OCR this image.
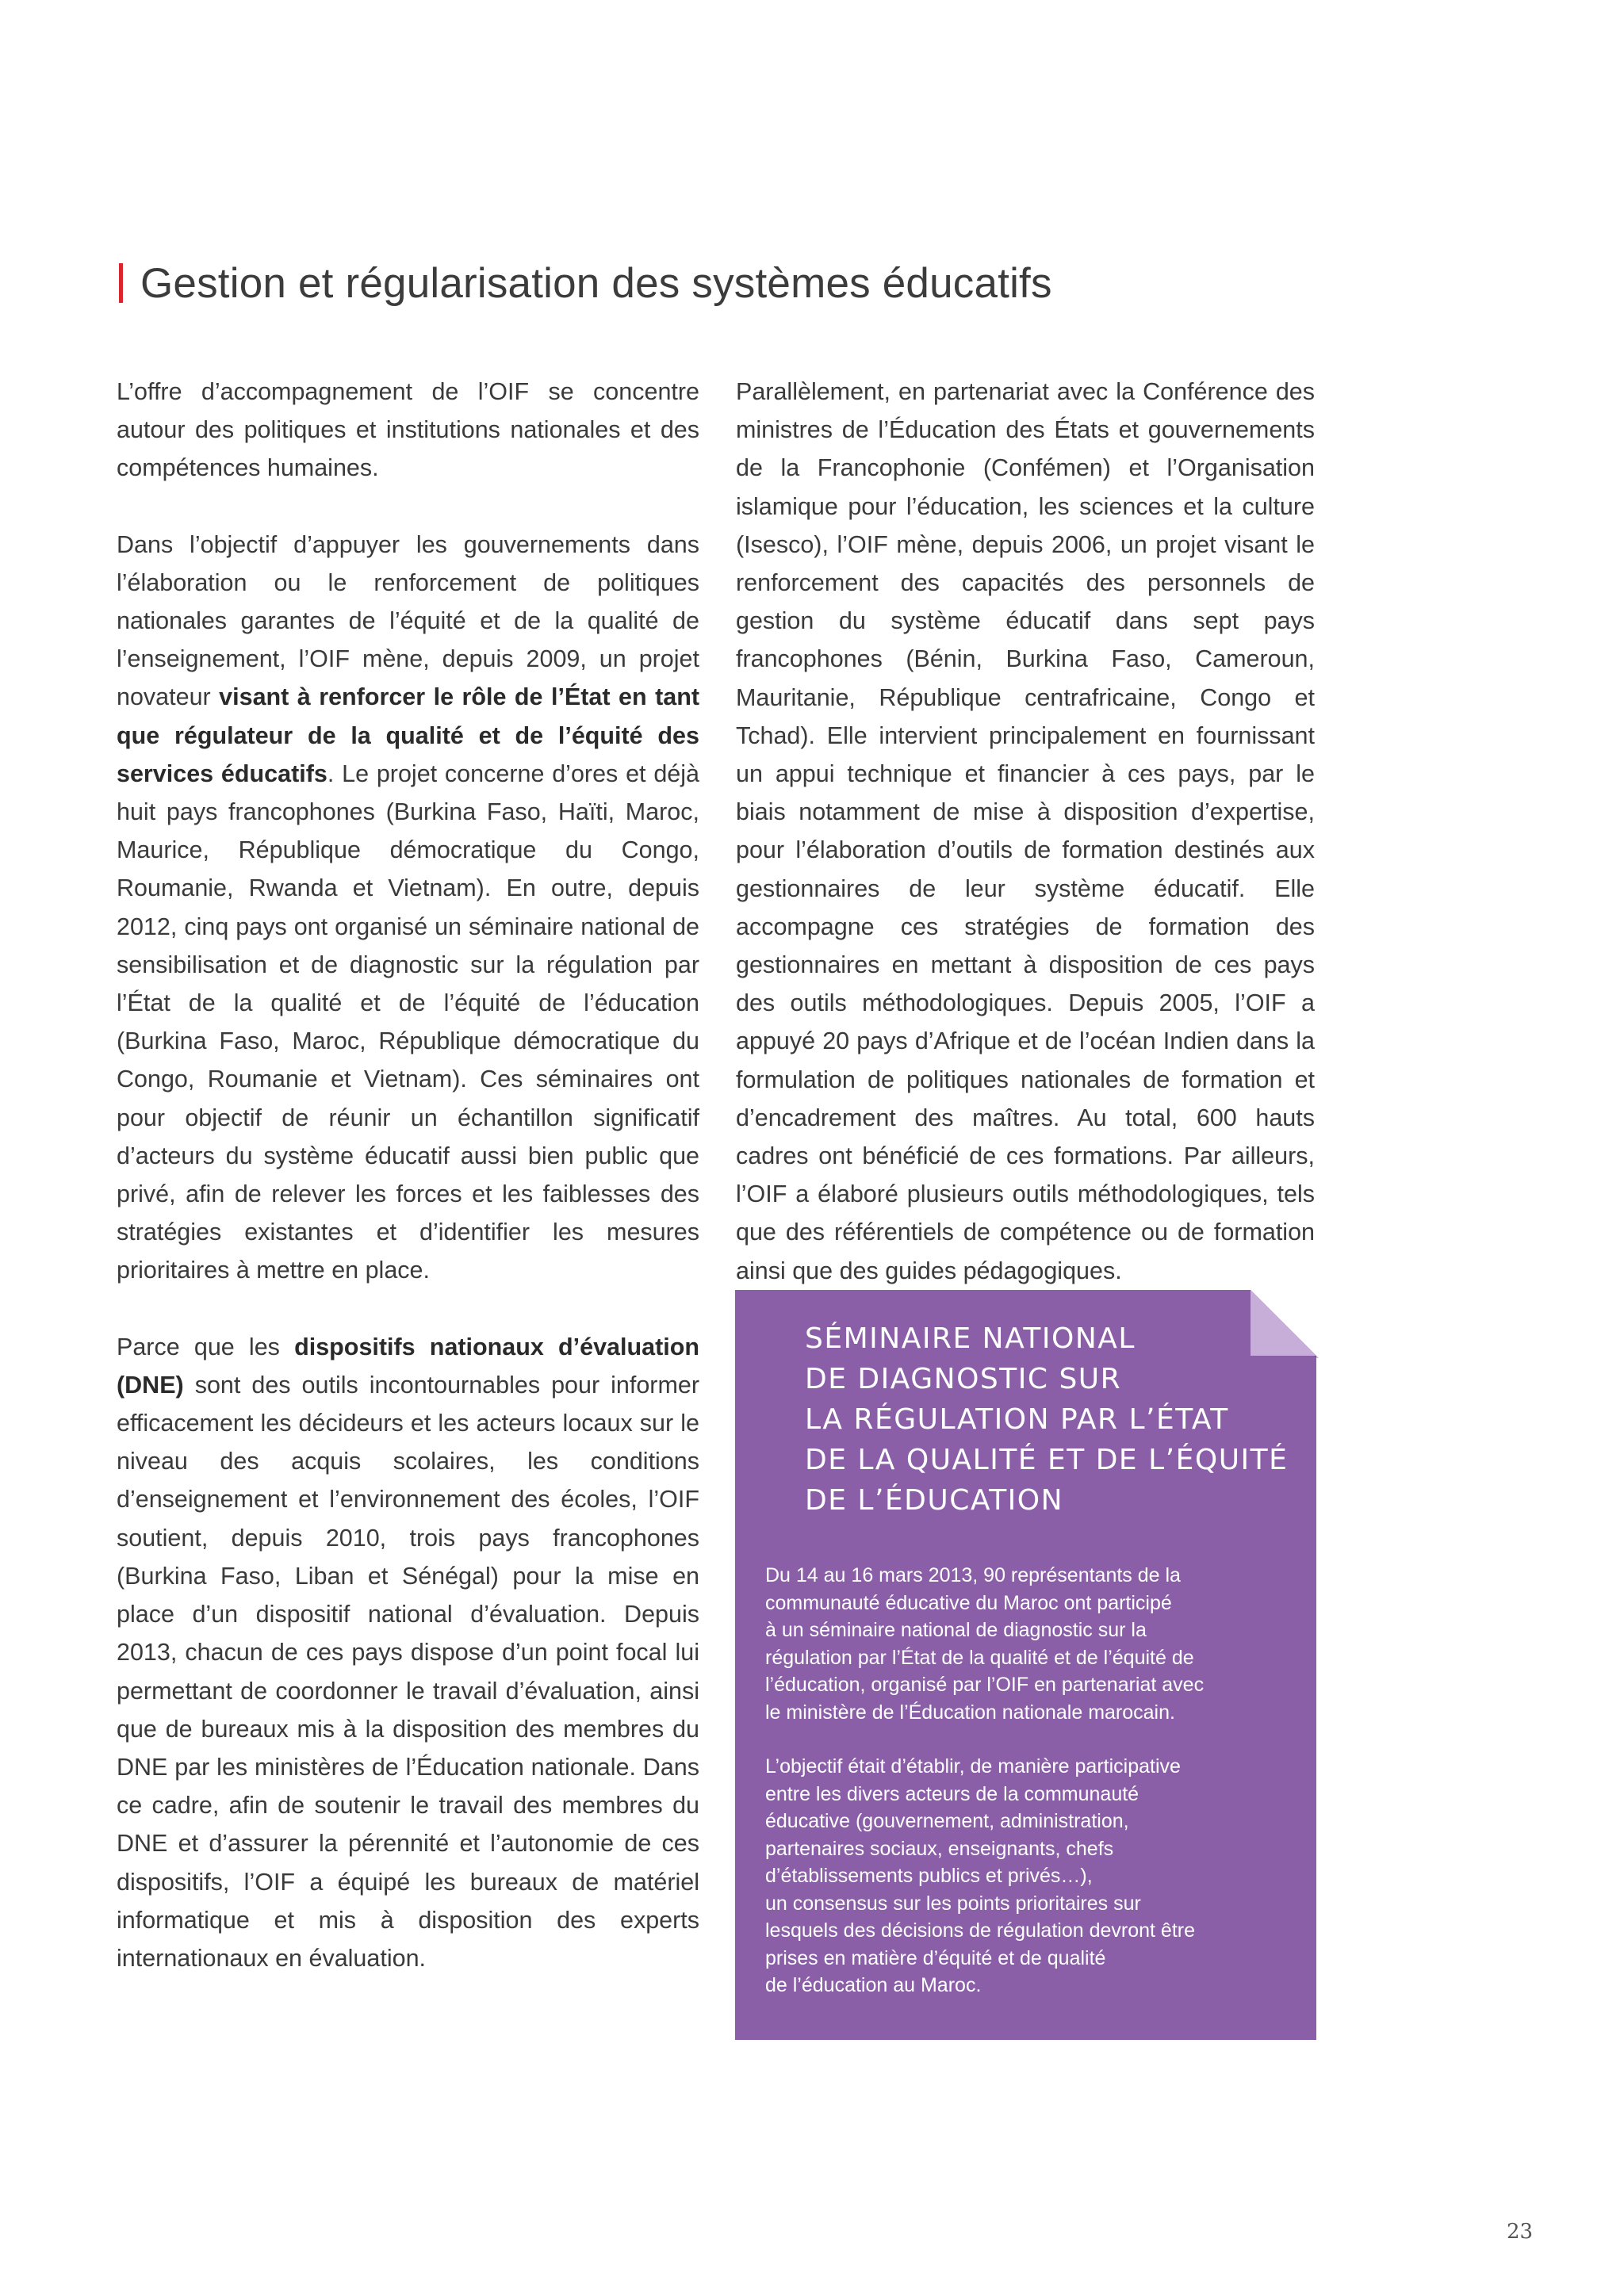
Gestion et régularisation des systèmes éducatifs

L’offre d’accompagnement de l’OIF se concentre autour des politiques et institutions nationales et des compétences humaines.

Dans l’objectif d’appuyer les gouvernements dans l’élaboration ou le renforcement de politiques nationales garantes de l’équité et de la qualité de l’enseignement, l’OIF mène, depuis 2009, un projet novateur visant à renforcer le rôle de l’État en tant que régulateur de la qualité et de l’équité des services éducatifs. Le projet concerne d’ores et déjà huit pays francophones (Burkina Faso, Haïti, Maroc, Maurice, République démocratique du Congo, Roumanie, Rwanda et Vietnam). En outre, depuis 2012, cinq pays ont organisé un séminaire national de sensibilisation et de diagnostic sur la régulation par l’État de la qualité et de l’équité de l’éducation (Burkina Faso, Maroc, République démocratique du Congo, Roumanie et Vietnam). Ces séminaires ont pour objectif de réunir un échantillon significatif d’acteurs du système éducatif aussi bien public que privé, afin de relever les forces et les faiblesses des stratégies existantes et d’identifier les mesures prioritaires à mettre en place.

Parce que les dispositifs nationaux d’évaluation (DNE) sont des outils incontournables pour informer efficacement les décideurs et les acteurs locaux sur le niveau des acquis scolaires, les conditions d’enseignement et l’environnement des écoles, l’OIF soutient, depuis 2010, trois pays francophones (Burkina Faso, Liban et Sénégal) pour la mise en place d’un dispositif national d’évaluation. Depuis 2013, chacun de ces pays dispose d’un point focal lui permettant de coordonner le travail d’évaluation, ainsi que de bureaux mis à la disposition des membres du DNE par les ministères de l’Éducation nationale. Dans ce cadre, afin de soutenir le travail des membres du DNE et d’assurer la pérennité et l’autonomie de ces dispositifs, l’OIF a équipé les bureaux de matériel informatique et mis à disposition des experts internationaux en évaluation.

Parallèlement, en partenariat avec la Conférence des ministres de l’Éducation des États et gouvernements de la Francophonie (Confémen) et l’Organisation islamique pour l’éducation, les sciences et la culture (Isesco), l’OIF mène, depuis 2006, un projet visant le renforcement des capacités des personnels de gestion du système éducatif dans sept pays francophones (Bénin, Burkina Faso, Cameroun, Mauritanie, République centrafricaine, Congo et Tchad). Elle intervient principalement en fournissant un appui technique et financier à ces pays, par le biais notamment de mise à disposition d’expertise, pour l’élaboration d’outils de formation destinés aux gestionnaires de leur système éducatif. Elle accompagne ces stratégies de formation des gestionnaires en mettant à disposition de ces pays des outils méthodologiques. Depuis 2005, l’OIF a appuyé 20 pays d’Afrique et de l’océan Indien dans la formulation de politiques nationales de formation et d’encadrement des maîtres. Au total, 600 hauts cadres ont bénéficié de ces formations. Par ailleurs, l’OIF a élaboré plusieurs outils méthodologiques, tels que des référentiels de compétence ou de formation ainsi que des guides pédagogiques.

SÉMINAIRE NATIONAL
DE DIAGNOSTIC SUR
LA RÉGULATION PAR L’ÉTAT
DE LA QUALITÉ ET DE L’ÉQUITÉ
DE L’ÉDUCATION

Du 14 au 16 mars 2013, 90 représentants de la
communauté éducative du Maroc ont participé
à un séminaire national de diagnostic sur la
régulation par l’État de la qualité et de l’équité de
l’éducation, organisé par l’OIF en partenariat avec
le ministère de l’Éducation nationale marocain.

L’objectif était d’établir, de manière participative
entre les divers acteurs de la communauté
éducative (gouvernement, administration,
partenaires sociaux, enseignants, chefs
d’établissements publics et privés…),
un consensus sur les points prioritaires sur
lesquels des décisions de régulation devront être
prises en matière d’équité et de qualité
de l’éducation au Maroc.

23
